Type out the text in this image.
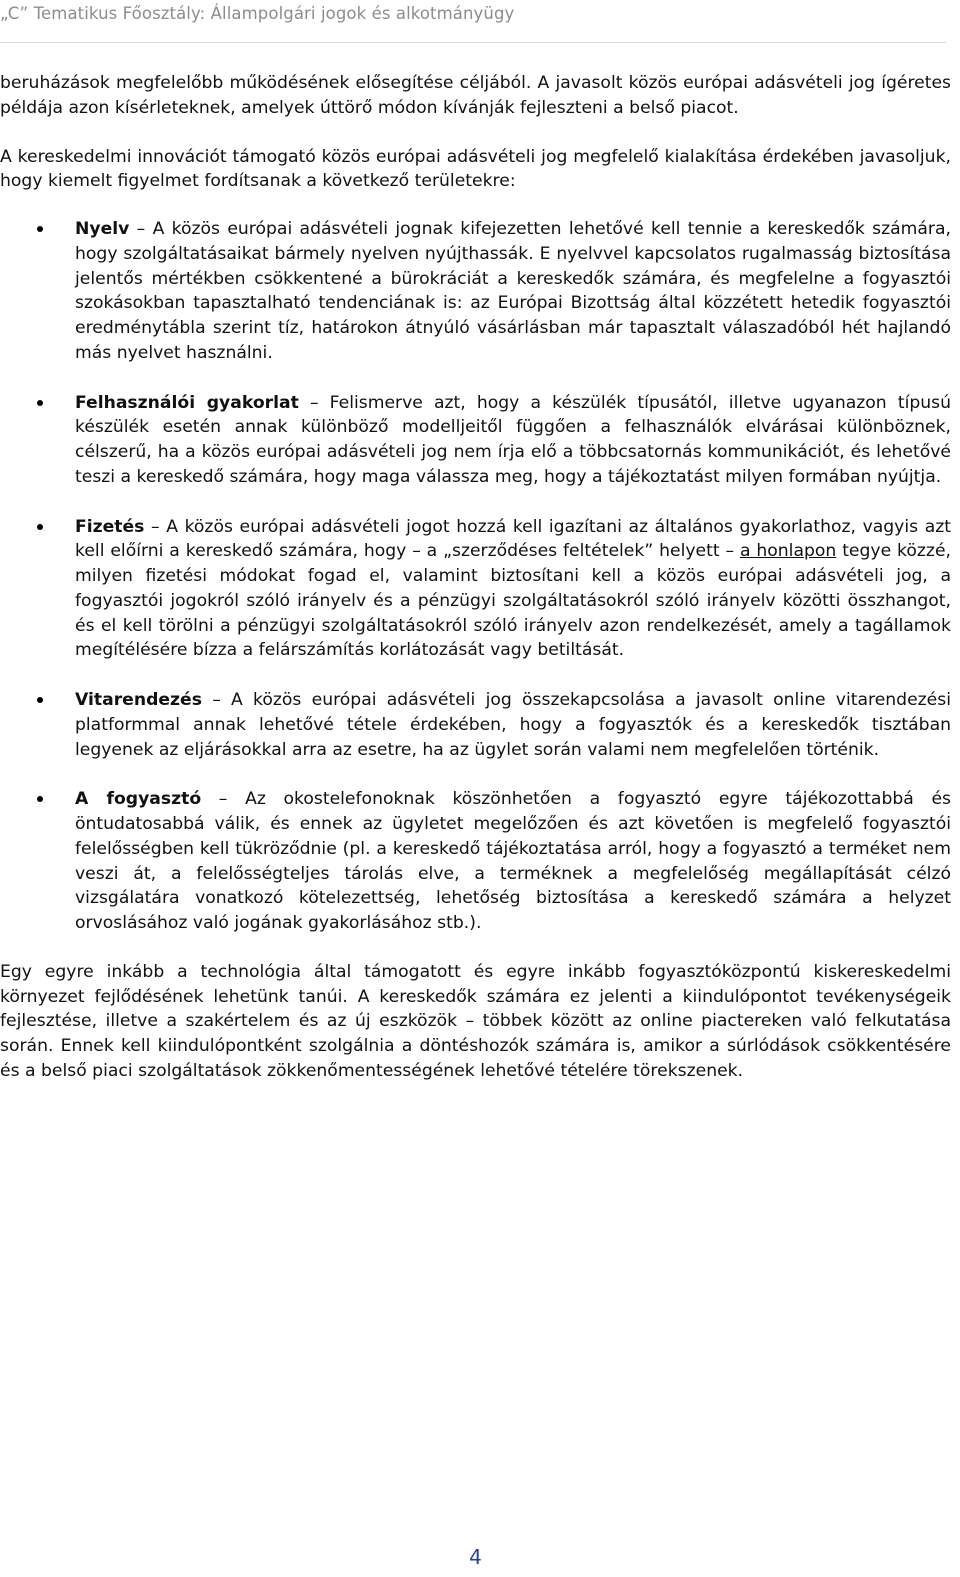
„C” Tematikus Főosztály: Állampolgári jogok és alkotmányügy

beruházások megfelelőbb működésének elősegítése céljából. A javasolt közös európai adásvételi jog ígéretes példája azon kísérleteknek, amelyek úttörő módon kívánják fejleszteni a belső piacot.

A kereskedelmi innovációt támogató közös európai adásvételi jog megfelelő kialakítása érdekében javasoljuk, hogy kiemelt figyelmet fordítsanak a következő területekre:

Nyelv – A közös európai adásvételi jognak kifejezetten lehetővé kell tennie a kereskedők számára, hogy szolgáltatásaikat bármely nyelven nyújthassák. E nyelvvel kapcsolatos rugalmasság biztosítása jelentős mértékben csökkentené a bürokráciát a kereskedők számára, és megfelelne a fogyasztói szokásokban tapasztalható tendenciának is: az Európai Bizottság által közzétett hetedik fogyasztói eredménytábla szerint tíz, határokon átnyúló vásárlásban már tapasztalt válaszadóból hét hajlandó más nyelvet használni.
Felhasználói gyakorlat – Felismerve azt, hogy a készülék típusától, illetve ugyanazon típusú készülék esetén annak különböző modelljeitől függően a felhasználók elvárásai különböznek, célszerű, ha a közös európai adásvételi jog nem írja elő a többcsatornás kommunikációt, és lehetővé teszi a kereskedő számára, hogy maga válassza meg, hogy a tájékoztatást milyen formában nyújtja.
Fizetés – A közös európai adásvételi jogot hozzá kell igazítani az általános gyakorlathoz, vagyis azt kell előírni a kereskedő számára, hogy – a „szerződéses feltételek” helyett – a honlapon tegye közzé, milyen fizetési módokat fogad el, valamint biztosítani kell a közös európai adásvételi jog, a fogyasztói jogokról szóló irányelv és a pénzügyi szolgáltatásokról szóló irányelv közötti összhangot, és el kell törölni a pénzügyi szolgáltatásokról szóló irányelv azon rendelkezését, amely a tagállamok megítélésére bízza a felárszámítás korlátozását vagy betiltását.
Vitarendezés – A közös európai adásvételi jog összekapcsolása a javasolt online vitarendezési platformmal annak lehetővé tétele érdekében, hogy a fogyasztók és a kereskedők tisztában legyenek az eljárásokkal arra az esetre, ha az ügylet során valami nem megfelelően történik.
A fogyasztó – Az okostelefonoknak köszönhetően a fogyasztó egyre tájékozottabbá és öntudatosabbá válik, és ennek az ügyletet megelőzően és azt követően is megfelelő fogyasztói felelősségben kell tükröződnie (pl. a kereskedő tájékoztatása arról, hogy a fogyasztó a terméket nem veszi át, a felelősségteljes tárolás elve, a terméknek a megfelelőség megállapítását célzó vizsgálatára vonatkozó kötelezettség, lehetőség biztosítása a kereskedő számára a helyzet orvoslásához való jogának gyakorlásához stb.).

Egy egyre inkább a technológia által támogatott és egyre inkább fogyasztóközpontú kiskereskedelmi környezet fejlődésének lehetünk tanúi. A kereskedők számára ez jelenti a kiindulópontot tevékenységeik fejlesztése, illetve a szakértelem és az új eszközök – többek között az online piactereken való felkutatása során. Ennek kell kiindulópontként szolgálnia a döntéshozók számára is, amikor a súrlódások csökkentésére és a belső piaci szolgáltatások zökkenőmentességének lehetővé tételére törekszenek.

4
